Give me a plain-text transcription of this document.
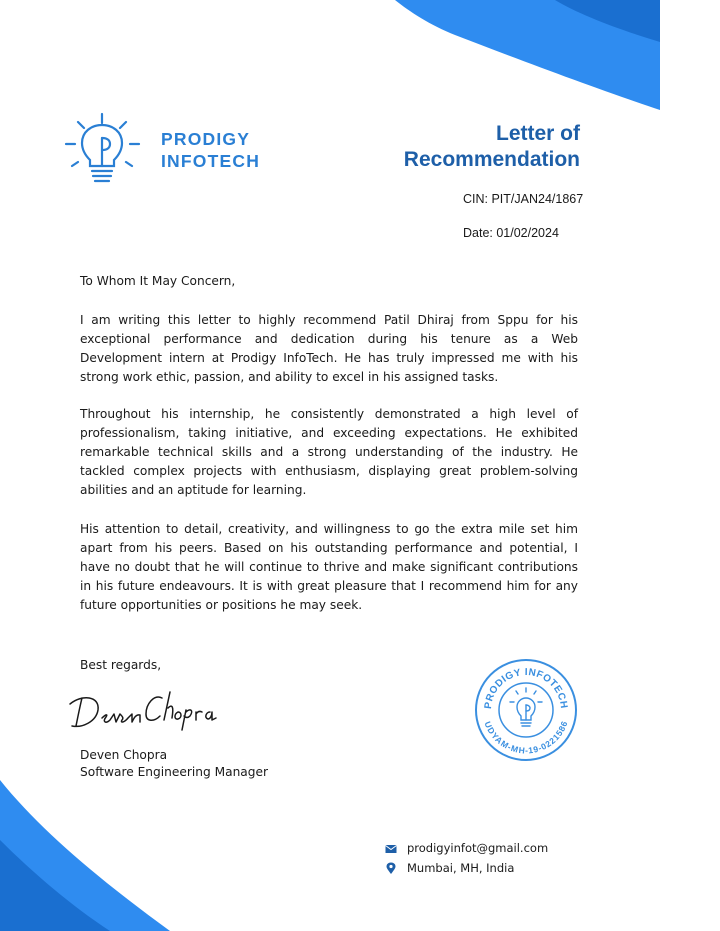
PRODIGY
INFOTECH
Letter of
Recommendation
CIN: PIT/JAN24/1867
Date: 01/02/2024
To Whom It May Concern,
I am writing this letter to highly recommend Patil Dhiraj from Sppu for his exceptional performance and dedication during his tenure as a Web Development intern at Prodigy InfoTech. He has truly impressed me with his strong work ethic, passion, and ability to excel in his assigned tasks.
Throughout his internship, he consistently demonstrated a high level of professionalism, taking initiative, and exceeding expectations. He exhibited remarkable technical skills and a strong understanding of the industry. He tackled complex projects with enthusiasm, displaying great problem-solving abilities and an aptitude for learning.
His attention to detail, creativity, and willingness to go the extra mile set him apart from his peers. Based on his outstanding performance and potential, I have no doubt that he will continue to thrive and make significant contributions in his future endeavours. It is with great pleasure that I recommend him for any future opportunities or positions he may seek.
Best regards,
Deven Chopra
Software Engineering Manager
PRODIGY INFOTECH
UDYAM-MH-19-0221586
prodigyinfot@gmail.com
Mumbai, MH, India
